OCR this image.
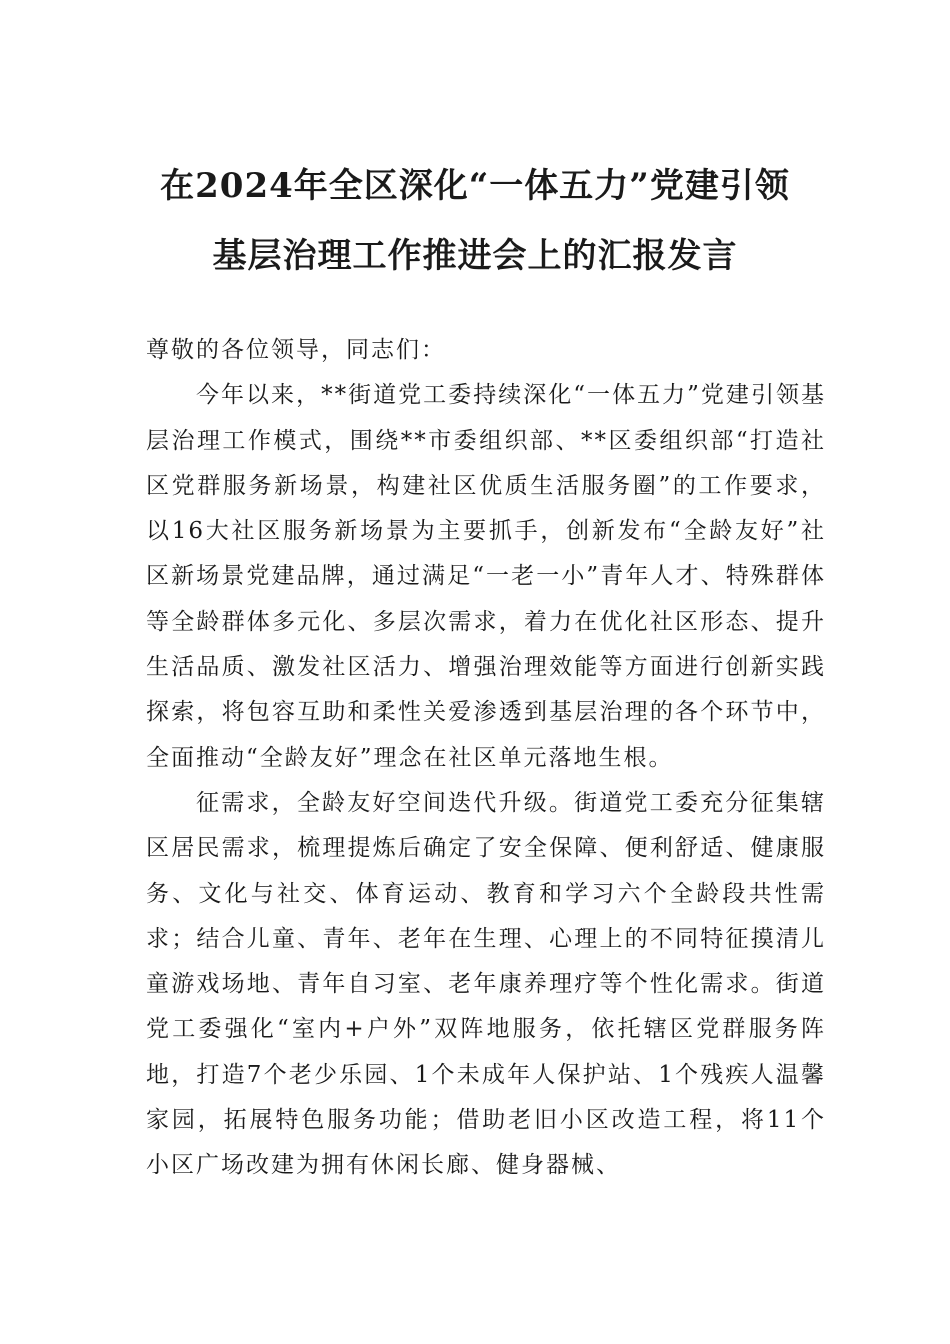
在2024年全区深化“一体五力”党建引领
基层治理工作推进会上的汇报发言

尊敬的各位领导，同志们：

今年以来，**街道党工委持续深化“一体五力”党建引领基层治理工作模式，围绕**市委组织部、**区委组织部“打造社区党群服务新场景，构建社区优质生活服务圈”的工作要求，以16大社区服务新场景为主要抓手，创新发布“全龄友好”社区新场景党建品牌，通过满足“一老一小”青年人才、特殊群体等全龄群体多元化、多层次需求，着力在优化社区形态、提升生活品质、激发社区活力、增强治理效能等方面进行创新实践探索，将包容互助和柔性关爱渗透到基层治理的各个环节中，全面推动“全龄友好”理念在社区单元落地生根。

征需求，全龄友好空间迭代升级。街道党工委充分征集辖区居民需求，梳理提炼后确定了安全保障、便利舒适、健康服务、文化与社交、体育运动、教育和学习六个全龄段共性需求；结合儿童、青年、老年在生理、心理上的不同特征摸清儿童游戏场地、青年自习室、老年康养理疗等个性化需求。街道党工委强化“室内+户外”双阵地服务，依托辖区党群服务阵地，打造7个老少乐园、1个未成年人保护站、1个残疾人温馨家园，拓展特色服务功能；借助老旧小区改造工程，将11个小区广场改建为拥有休闲长廊、健身器械、
